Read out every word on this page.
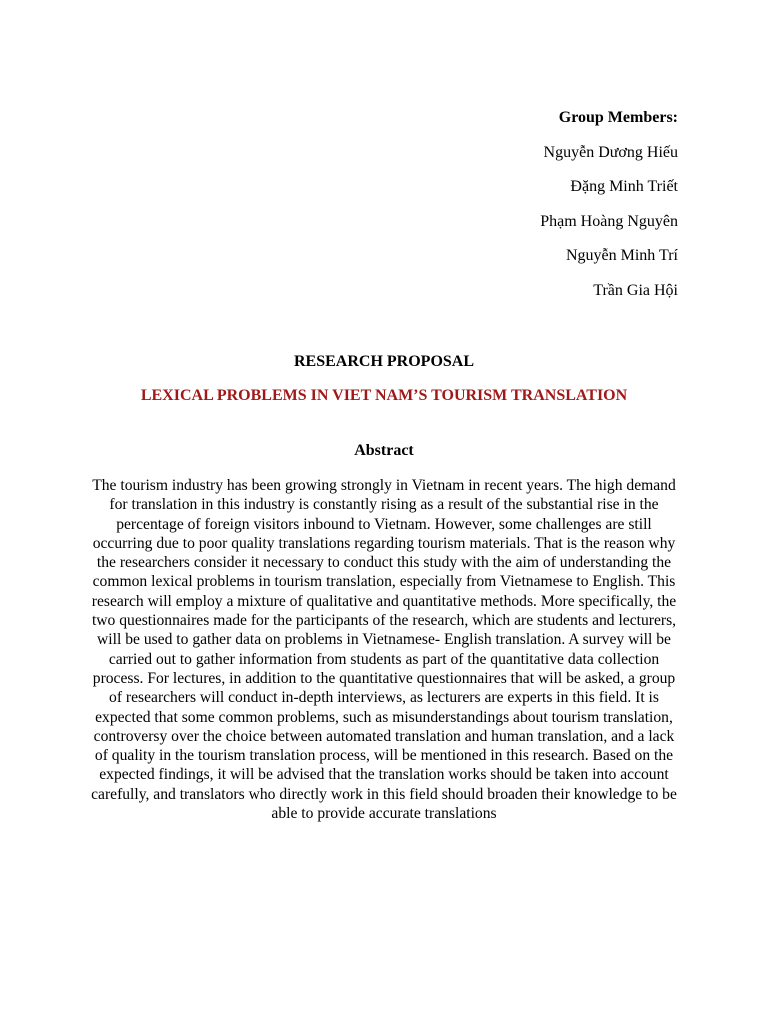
Group Members:

Nguyễn Dương Hiếu

Đặng Minh Triết

Phạm Hoàng Nguyên

Nguyễn Minh Trí

Trần Gia Hội

RESEARCH PROPOSAL

LEXICAL PROBLEMS IN VIET NAM’S TOURISM TRANSLATION

Abstract

The tourism industry has been growing strongly in Vietnam in recent years. The high demand for translation in this industry is constantly rising as a result of the substantial rise in the percentage of foreign visitors inbound to Vietnam. However, some challenges are still occurring due to poor quality translations regarding tourism materials. That is the reason why the researchers consider it necessary to conduct this study with the aim of understanding the common lexical problems in tourism translation, especially from Vietnamese to English. This research will employ a mixture of qualitative and quantitative methods. More specifically, the two questionnaires made for the participants of the research, which are students and lecturers, will be used to gather data on problems in Vietnamese- English translation. A survey will be carried out to gather information from students as part of the quantitative data collection process. For lectures, in addition to the quantitative questionnaires that will be asked, a group of researchers will conduct in-depth interviews, as lecturers are experts in this field. It is expected that some common problems, such as misunderstandings about tourism translation, controversy over the choice between automated translation and human translation, and a lack of quality in the tourism translation process, will be mentioned in this research. Based on the expected findings, it will be advised that the translation works should be taken into account carefully, and translators who directly work in this field should broaden their knowledge to be able to provide accurate translations
